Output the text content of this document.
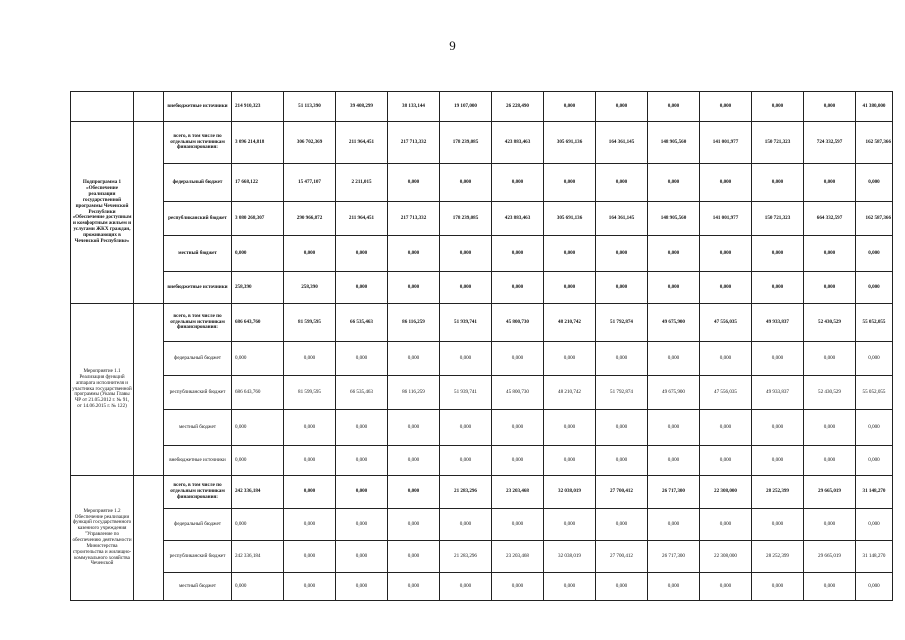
9
		внебюджетные источники	214 910,323	51 113,390	39 408,299	38 133,144	19 107,000	26 228,490	0,000	0,000	0,000	0,000	0,000	0,000	41 380,000
Подпрограмма 1 «Обеспечение реализации государственной программы Чеченской Республики «Обеспечение доступным и комфортным жильем и услугами ЖКХ граждан, проживающих в Чеченской Республике»		всего, в том числе по отдельным источникам финансирования:	3 096 214,818	306 702,369	211 964,451	217 713,332	178 239,085	423 883,463	305 691,136	164 361,145	148 905,560	141 001,977	150 721,323	724 332,597	162 587,366
		федеральный бюджет	17 668,122	15 477,107	2 211,015	0,000	0,000	0,000	0,000	0,000	0,000	0,000	0,000	0,000	0,000
		республиканский бюджет	3 080 268,307	290 966,872	211 964,451	217 713,332	178 239,085	423 883,463	305 691,136	164 361,145	148 905,560	141 001,977	150 721,323	664 332,597	162 587,366
		местный бюджет	0,000	0,000	0,000	0,000	0,000	0,000	0,000	0,000	0,000	0,000	0,000	0,000	0,000
		внебюджетные источники	258,390	258,390	0,000	0,000	0,000	0,000	0,000	0,000	0,000	0,000	0,000	0,000	0,000
Мероприятие 1.1 Реализация функций аппарата исполнителя и участника государственной программы (Указы Главы ЧР от 21.05.2012 г. № 91, от 14.06.2015 г. № 122)		всего, в том числе по отдельным источникам финансирования:	686 643,760	81 599,595	66 535,463	86 116,259	51 939,741	45 800,730	48 210,742	51 792,874	49 675,900	47 556,035	49 933,837	52 430,529	55 052,055
		федеральный бюджет	0,000	0,000	0,000	0,000	0,000	0,000	0,000	0,000	0,000	0,000	0,000	0,000	0,000
		республиканский бюджет	686 643,760	81 599,595	66 535,463	86 116,259	51 939,741	45 800,730	48 210,742	51 792,874	49 675,900	47 556,035	49 933,837	52 430,529	55 052,055
		местный бюджет	0,000	0,000	0,000	0,000	0,000	0,000	0,000	0,000	0,000	0,000	0,000	0,000	0,000
		внебюджетные источники	0,000	0,000	0,000	0,000	0,000	0,000	0,000	0,000	0,000	0,000	0,000	0,000	0,000
Мероприятие 1.2 Обеспечение реализации функций государственного казенного учреждения "Управление по обеспечению деятельности Министерства строительства и жилищно-коммунального хозяйства Чеченской		всего, в том числе по отдельным источникам финансирования:	242 336,184	0,000	0,000	0,000	21 283,296	23 203,468	32 038,019	27 700,412	26 717,300	22 308,000	28 252,399	29 665,019	31 148,270
		федеральный бюджет	0,000	0,000	0,000	0,000	0,000	0,000	0,000	0,000	0,000	0,000	0,000	0,000	0,000
		республиканский бюджет	242 336,184	0,000	0,000	0,000	21 283,296	23 203,468	32 038,019	27 700,412	26 717,300	22 308,000	28 252,399	29 665,019	31 148,270
		местный бюджет	0,000	0,000	0,000	0,000	0,000	0,000	0,000	0,000	0,000	0,000	0,000	0,000	0,000
